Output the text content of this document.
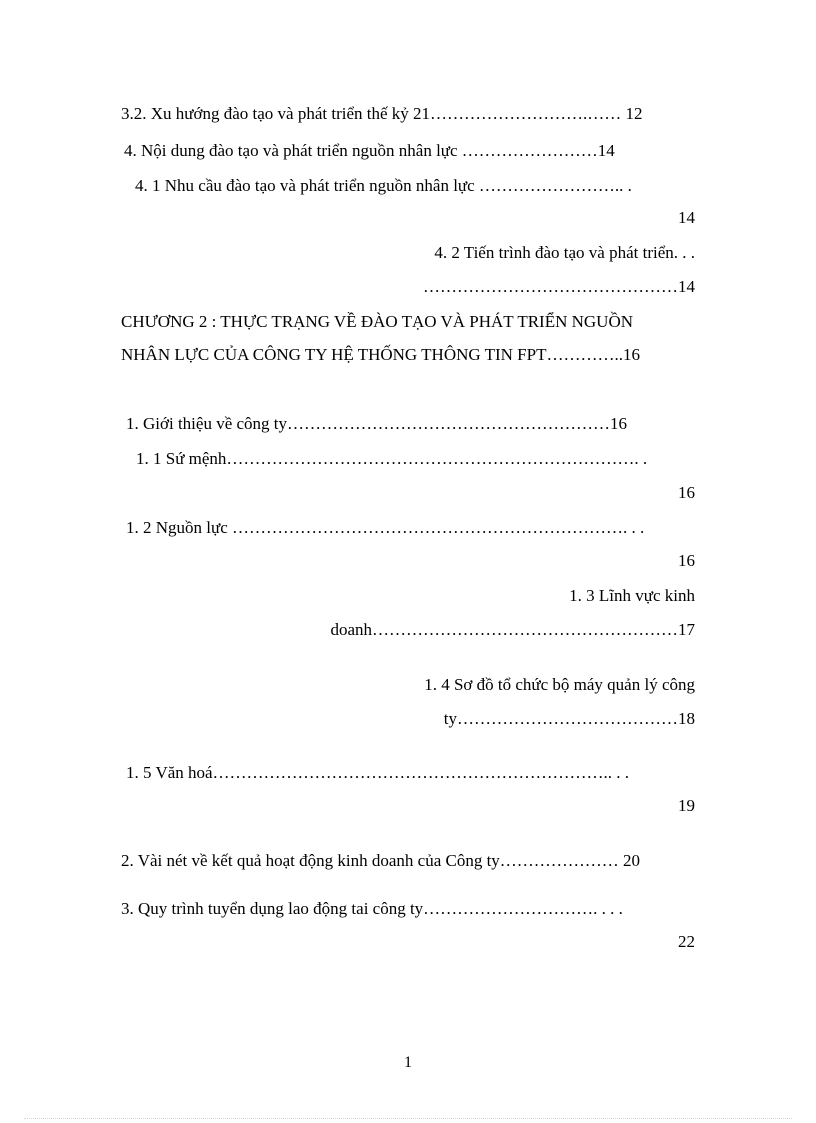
3.2. Xu hướng đào tạo và phát triển thế kỷ 21……………………….…… 12
4. Nội dung đào tạo và phát triển nguồn nhân lực ……………………14
4. 1 Nhu cầu đào tạo và phát triển nguồn nhân lực …………………….. .
14
4. 2 Tiến trình đào tạo và phát triển. . .
………………………………………14
CHƯƠNG 2 : THỰC TRẠNG VỀ ĐÀO TẠO VÀ PHÁT TRIỂN NGUỒN
NHÂN LỰC CỦA CÔNG TY HỆ THỐNG THÔNG TIN FPT…………..16
1. Giới thiệu về công ty…………………………………………………16
1. 1 Sứ mệnh………………………………………………………………. .
16
1. 2 Nguồn lực ……………………………………………………………. . .
16
1. 3 Lĩnh vực kinh
doanh………………………………………………17
1. 4 Sơ đồ tổ chức bộ máy quản lý công
ty…………………………………18
1. 5 Văn hoá…………………………………………………………….. . .
19
2. Vài nét về kết quả hoạt động kinh doanh của Công ty………………… 20
3. Quy trình tuyển dụng lao động tai công ty…………………………. . . .
22
1
